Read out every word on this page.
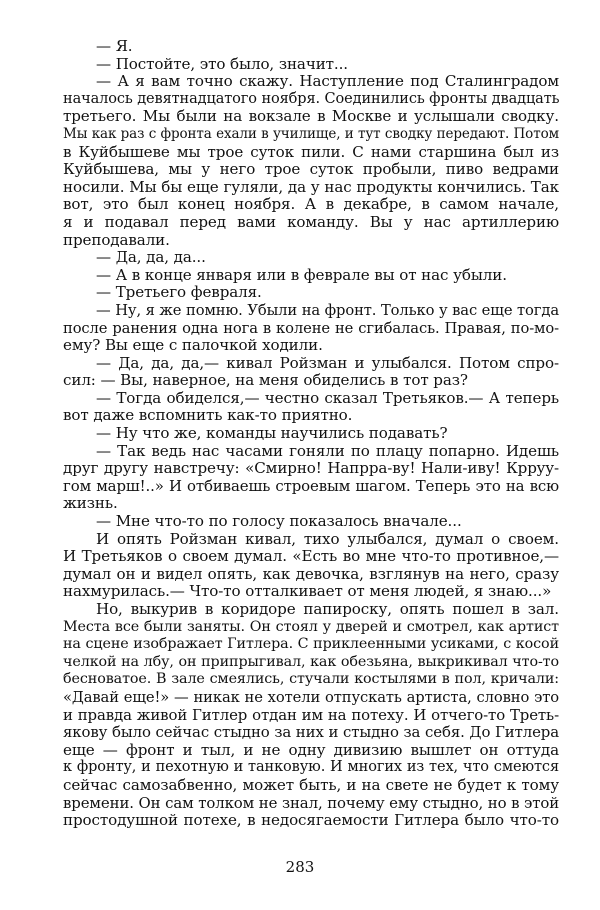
— Я.
— Постойте, это было, значит...
— А я вам точно скажу. Наступление под Сталинградом
началось девятнадцатого ноября. Соединились фронты двадцать
третьего. Мы были на вокзале в Москве и услышали сводку.
Мы как раз с фронта ехали в училище, и тут сводку передают. Потом
в Куйбышеве мы трое суток пили. С нами старшина был из
Куйбышева, мы у него трое суток пробыли, пиво ведрами
носили. Мы бы еще гуляли, да у нас продукты кончились. Так
вот, это был конец ноября. А в декабре, в самом начале,
я и подавал перед вами команду. Вы у нас артиллерию
преподавали.
— Да, да, да...
— А в конце января или в феврале вы от нас убыли.
— Третьего февраля.
— Ну, я же помню. Убыли на фронт. Только у вас еще тогда
после ранения одна нога в колене не сгибалась. Правая, по-мо-
ему? Вы еще с палочкой ходили.
— Да, да, да,— кивал Ройзман и улыбался. Потом спро-
сил: — Вы, наверное, на меня обиделись в тот раз?
— Тогда обиделся,— честно сказал Третьяков.— А теперь
вот даже вспомнить как-то приятно.
— Ну что же, команды научились подавать?
— Так ведь нас часами гоняли по плацу попарно. Идешь
друг другу навстречу: «Смирно! Напрра-ву! Нали-иву! Кррyу-
гом марш!..» И отбиваешь строевым шагом. Теперь это на всю
жизнь.
— Мне что-то по голосу показалось вначале...
И опять Ройзман кивал, тихо улыбался, думал о своем.
И Третьяков о своем думал. «Есть во мне что-то противное,—
думал он и видел опять, как девочка, взглянув на него, сразу
нахмурилась.— Что-то отталкивает от меня людей, я знаю...»
Но, выкурив в коридоре папироску, опять пошел в зал.
Места все были заняты. Он стоял у дверей и смотрел, как артист
на сцене изображает Гитлера. С приклеенными усиками, с косой
челкой на лбу, он припрыгивал, как обезьяна, выкрикивал что-то
бесноватое. В зале смеялись, стучали костылями в пол, кричали:
«Давай еще!» — никак не хотели отпускать артиста, словно это
и правда живой Гитлер отдан им на потеху. И отчего-то Треть-
якову было сейчас стыдно за них и стыдно за себя. До Гитлера
еще — фронт и тыл, и не одну дивизию вышлет он оттуда
к фронту, и пехотную и танковую. И многих из тех, что смеются
сейчас самозабвенно, может быть, и на свете не будет к тому
времени. Он сам толком не знал, почему ему стыдно, но в этой
простодушной потехе, в недосягаемости Гитлера было что-то
283
